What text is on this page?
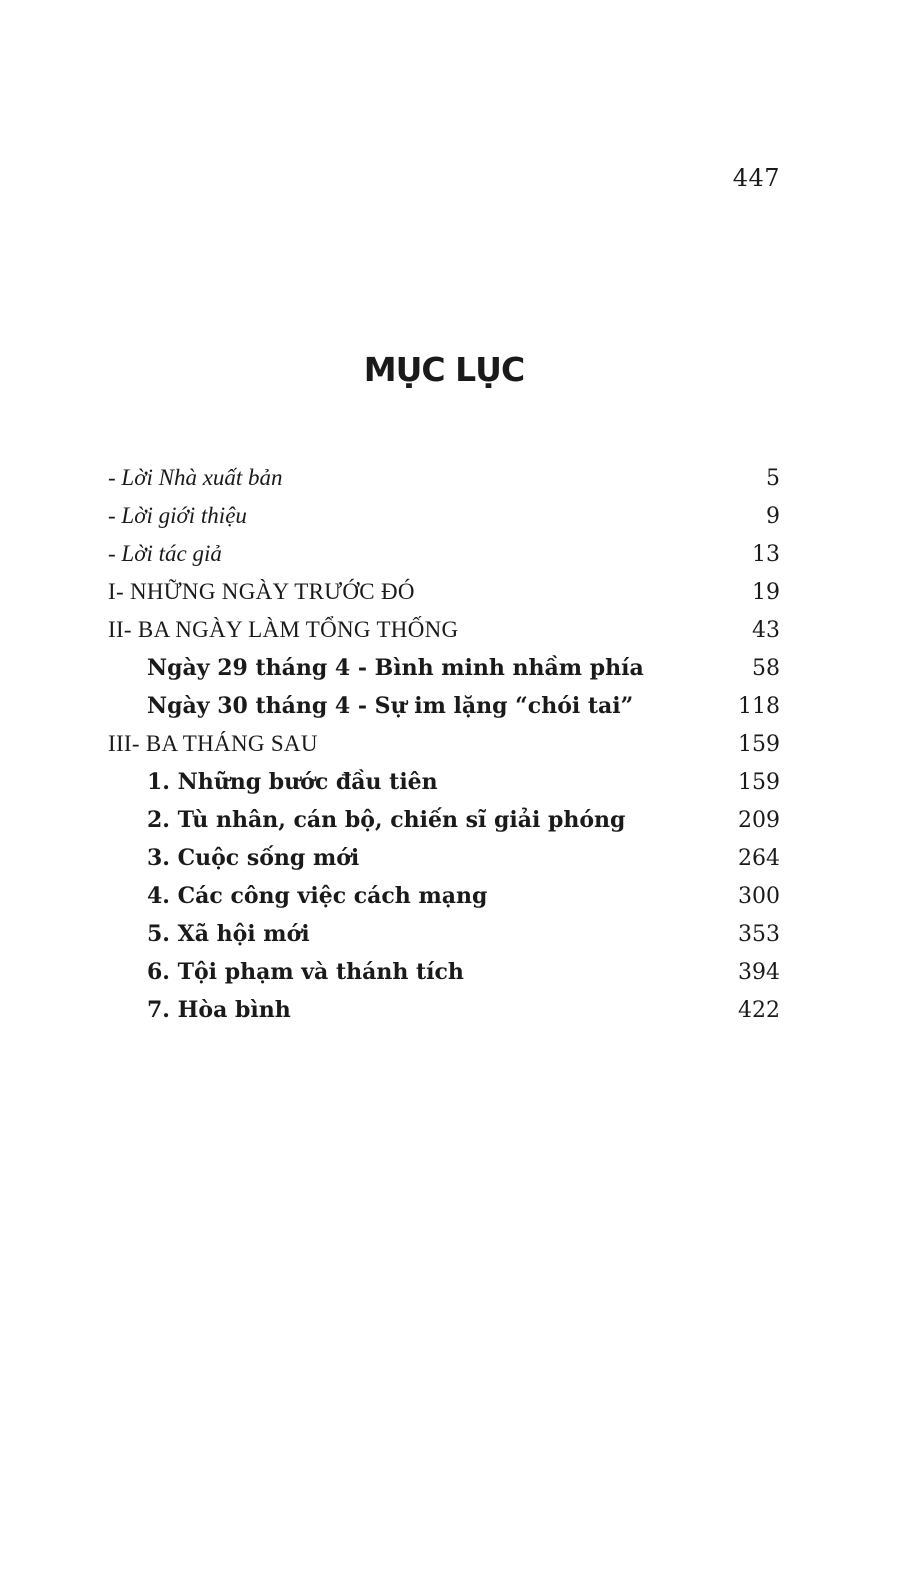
447
MỤC LỤC
- Lời Nhà xuất bản	5
- Lời giới thiệu	9
- Lời tác giả	13
I- NHỮNG NGÀY TRƯỚC ĐÓ	19
II- BA NGÀY LÀM TỔNG THỐNG	43
Ngày 29 tháng 4 - Bình minh nhầm phía	58
Ngày 30 tháng 4 - Sự im lặng “chói tai”	118
III- BA THÁNG SAU	159
1. Những bước đầu tiên	159
2. Tù nhân, cán bộ, chiến sĩ giải phóng	209
3. Cuộc sống mới	264
4. Các công việc cách mạng	300
5. Xã hội mới	353
6. Tội phạm và thánh tích	394
7. Hòa bình	422
